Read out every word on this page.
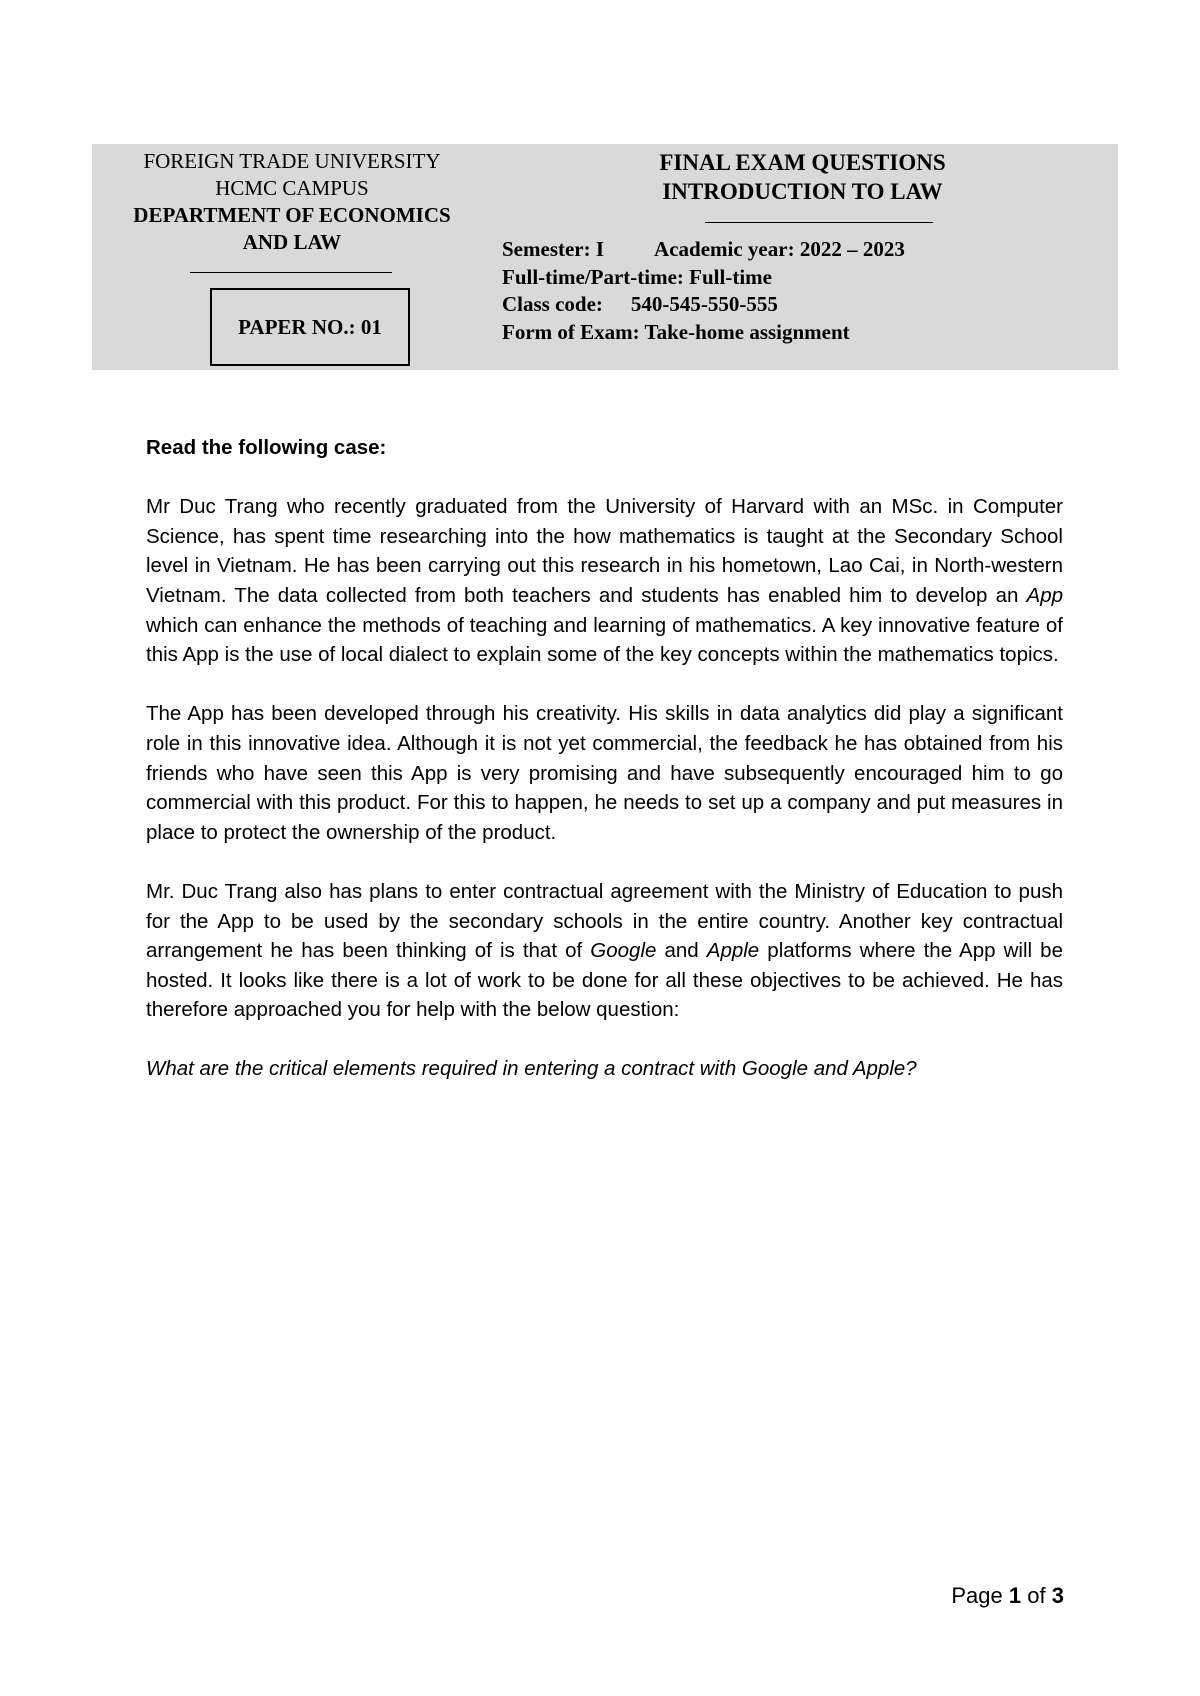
FOREIGN TRADE UNIVERSITY
HCMC CAMPUS
DEPARTMENT OF ECONOMICS
AND LAW
PAPER NO.: 01
FINAL EXAM QUESTIONS
INTRODUCTION TO LAW
Semester: I Academic year: 2022 – 2023
Full-time/Part-time: Full-time
Class code: 540-545-550-555
Form of Exam: Take-home assignment

Read the following case:

Mr Duc Trang who recently graduated from the University of Harvard with an MSc. in Computer Science, has spent time researching into the how mathematics is taught at the Secondary School level in Vietnam. He has been carrying out this research in his hometown, Lao Cai, in North-western Vietnam. The data collected from both teachers and students has enabled him to develop an App which can enhance the methods of teaching and learning of mathematics. A key innovative feature of this App is the use of local dialect to explain some of the key concepts within the mathematics topics.

The App has been developed through his creativity. His skills in data analytics did play a significant role in this innovative idea. Although it is not yet commercial, the feedback he has obtained from his friends who have seen this App is very promising and have subsequently encouraged him to go commercial with this product. For this to happen, he needs to set up a company and put measures in place to protect the ownership of the product.

Mr. Duc Trang also has plans to enter contractual agreement with the Ministry of Education to push for the App to be used by the secondary schools in the entire country. Another key contractual arrangement he has been thinking of is that of Google and Apple platforms where the App will be hosted. It looks like there is a lot of work to be done for all these objectives to be achieved. He has therefore approached you for help with the below question:

What are the critical elements required in entering a contract with Google and Apple?

Page 1 of 3
